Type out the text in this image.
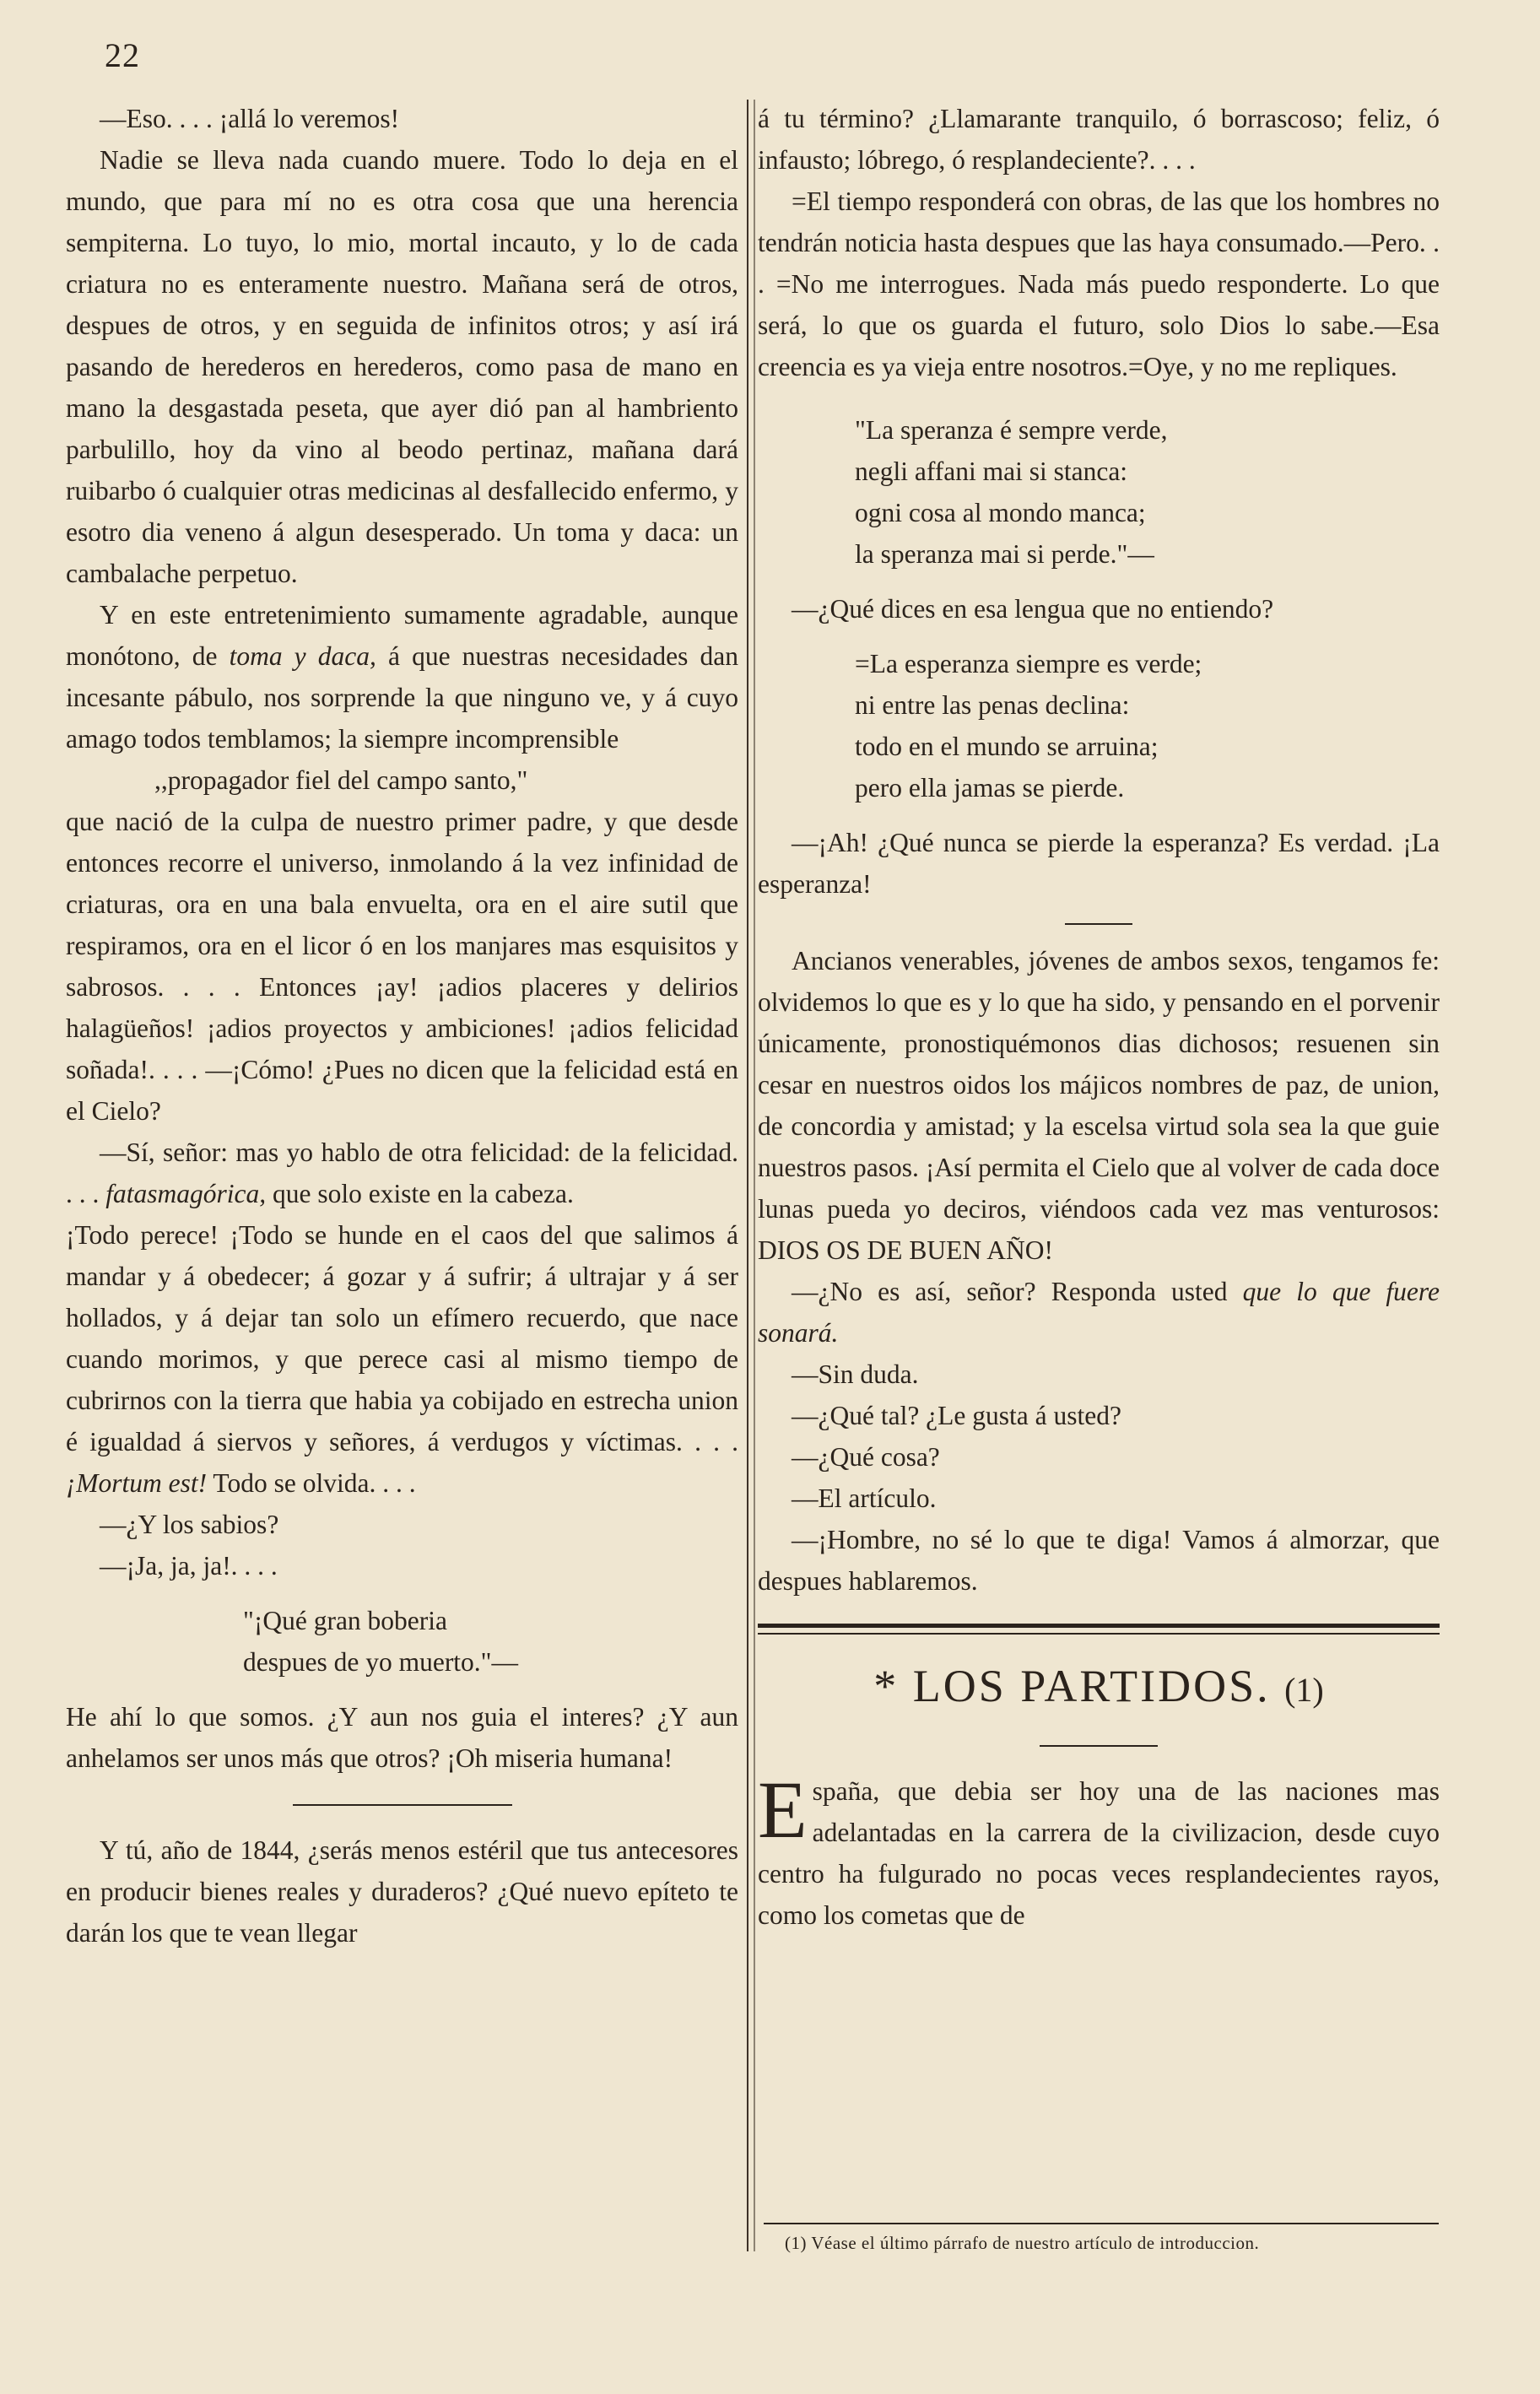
22

—Eso. . . . ¡allá lo veremos!

Nadie se lleva nada cuando muere. Todo lo deja en el mundo, que para mí no es otra cosa que una herencia sempiterna. Lo tuyo, lo mio, mortal incauto, y lo de cada criatura no es enteramente nuestro. Mañana será de otros, despues de otros, y en seguida de infinitos otros; y así irá pasando de herederos en herederos, como pasa de mano en mano la desgastada peseta, que ayer dió pan al hambriento parbulillo, hoy da vino al beodo pertinaz, mañana dará ruibarbo ó cualquier otras medicinas al desfallecido enfermo, y esotro dia veneno á algun desesperado. Un toma y daca: un cambalache perpetuo.

Y en este entretenimiento sumamente agradable, aunque monótono, de toma y daca, á que nuestras necesidades dan incesante pábulo, nos sorprende la que ninguno ve, y á cuyo amago todos temblamos; la siempre incomprensible

,,propagador fiel del campo santo,"

que nació de la culpa de nuestro primer padre, y que desde entonces recorre el universo, inmolando á la vez infinidad de criaturas, ora en una bala envuelta, ora en el aire sutil que respiramos, ora en el licor ó en los manjares mas esquisitos y sabrosos. . . . Entonces ¡ay! ¡adios placeres y delirios halagüeños! ¡adios proyectos y ambiciones! ¡adios felicidad soñada!. . . . —¡Cómo! ¿Pues no dicen que la felicidad está en el Cielo?

—Sí, señor: mas yo hablo de otra felicidad: de la felicidad. . . . fatasmagórica, que solo existe en la cabeza.

¡Todo perece! ¡Todo se hunde en el caos del que salimos á mandar y á obedecer; á gozar y á sufrir; á ultrajar y á ser hollados, y á dejar tan solo un efímero recuerdo, que nace cuando morimos, y que perece casi al mismo tiempo de cubrirnos con la tierra que habia ya cobijado en estrecha union é igualdad á siervos y señores, á verdugos y víctimas. . . . ¡Mortum est! Todo se olvida. . . .

—¿Y los sabios?

—¡Ja, ja, ja!. . . .

"¡Qué gran boberia
despues de yo muerto."—

He ahí lo que somos. ¿Y aun nos guia el interes? ¿Y aun anhelamos ser unos más que otros? ¡Oh miseria humana!

Y tú, año de 1844, ¿serás menos estéril que tus antecesores en producir bienes reales y duraderos? ¿Qué nuevo epíteto te darán los que te vean llegar

á tu término? ¿Llamarante tranquilo, ó borrascoso; feliz, ó infausto; lóbrego, ó resplandeciente?. . . .

=El tiempo responderá con obras, de las que los hombres no tendrán noticia hasta despues que las haya consumado.—Pero. . . =No me interrogues. Nada más puedo responderte. Lo que será, lo que os guarda el futuro, solo Dios lo sabe.—Esa creencia es ya vieja entre nosotros.=Oye, y no me repliques.

"La speranza é sempre verde,
negli affani mai si stanca:
ogni cosa al mondo manca;
la speranza mai si perde."—

—¿Qué dices en esa lengua que no entiendo?

=La esperanza siempre es verde;
ni entre las penas declina:
todo en el mundo se arruina;
pero ella jamas se pierde.

—¡Ah! ¿Qué nunca se pierde la esperanza? Es verdad. ¡La esperanza!

Ancianos venerables, jóvenes de ambos sexos, tengamos fe: olvidemos lo que es y lo que ha sido, y pensando en el porvenir únicamente, pronostiquémonos dias dichosos; resuenen sin cesar en nuestros oidos los májicos nombres de paz, de union, de concordia y amistad; y la escelsa virtud sola sea la que guie nuestros pasos. ¡Así permita el Cielo que al volver de cada doce lunas pueda yo deciros, viéndoos cada vez mas venturosos: DIOS OS DE BUEN AÑO!

—¿No es así, señor? Responda usted que lo que fuere sonará.

—Sin duda.

—¿Qué tal? ¿Le gusta á usted?

—¿Qué cosa?

—El artículo.

—¡Hombre, no sé lo que te diga! Vamos á almorzar, que despues hablaremos.

* LOS PARTIDOS. (1)

España, que debia ser hoy una de las naciones mas adelantadas en la carrera de la civilizacion, desde cuyo centro ha fulgurado no pocas veces resplandecientes rayos, como los cometas que de

(1) Véase el último párrafo de nuestro artículo de introduccion.
